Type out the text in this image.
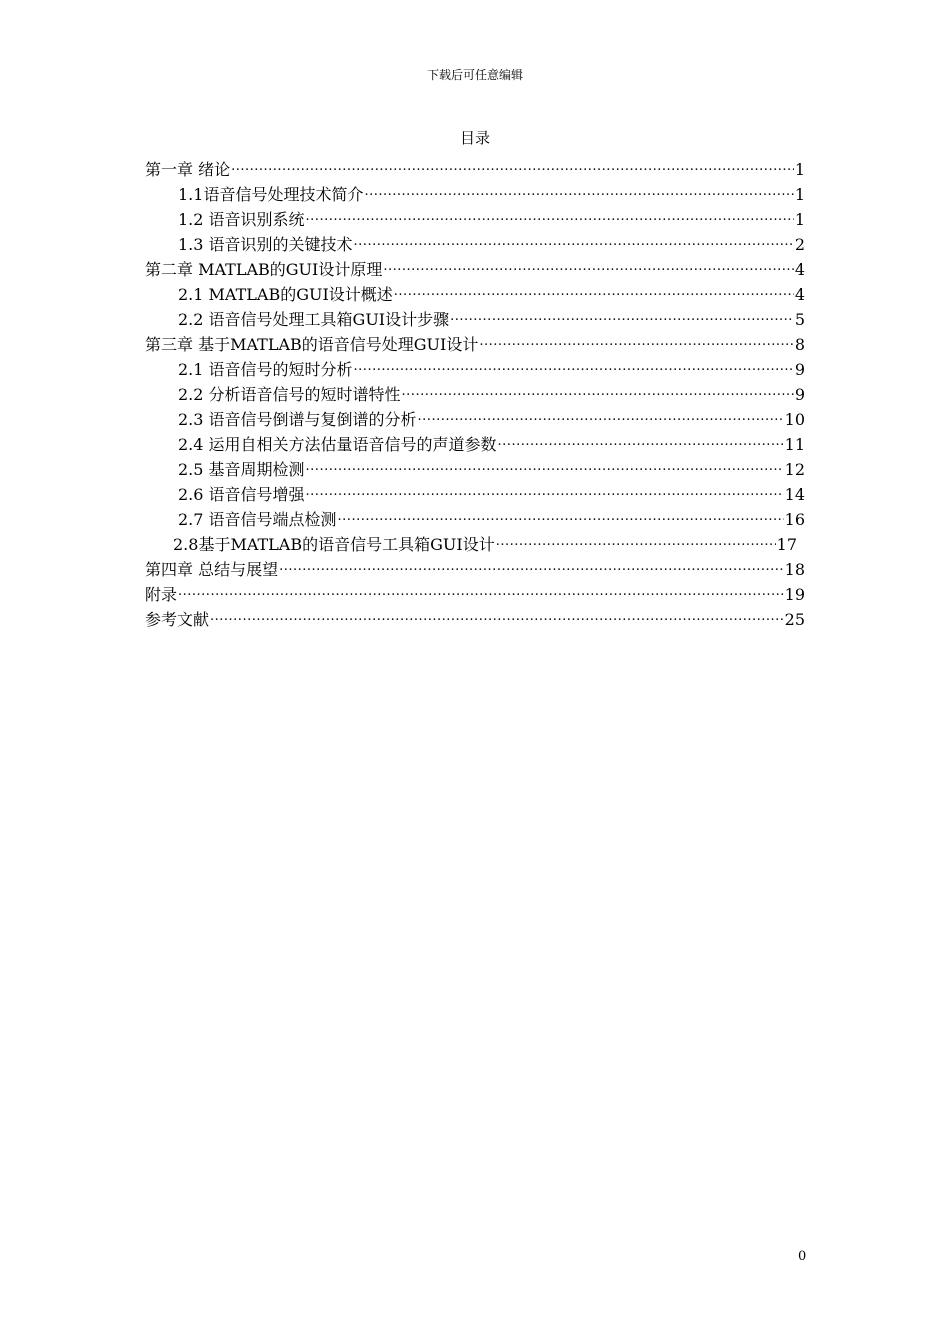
下载后可任意编辑
目录
第一章 绪论 .....	1
1.1语音信号处理技术简介 .....	1
1.2 语音识别系统 .....	1
1.3 语音识别的关键技术 .....	2
第二章 MATLAB的GUI设计原理 .....	4
2.1 MATLAB的GUI设计概述 .....	4
2.2 语音信号处理工具箱GUI设计步骤 .....	5
第三章 基于MATLAB的语音信号处理GUI设计 .....	8
2.1 语音信号的短时分析 .....	9
2.2 分析语音信号的短时谱特性 .....	9
2.3 语音信号倒谱与复倒谱的分析 .....	10
2.4 运用自相关方法估量语音信号的声道参数 .....	11
2.5 基音周期检测 .....	12
2.6 语音信号增强 .....	14
2.7 语音信号端点检测 .....	16
2.8基于MATLAB的语音信号工具箱GUI设计 .....	17
第四章 总结与展望 .....	18
附录 .....	19
参考文献 .....	25
0
